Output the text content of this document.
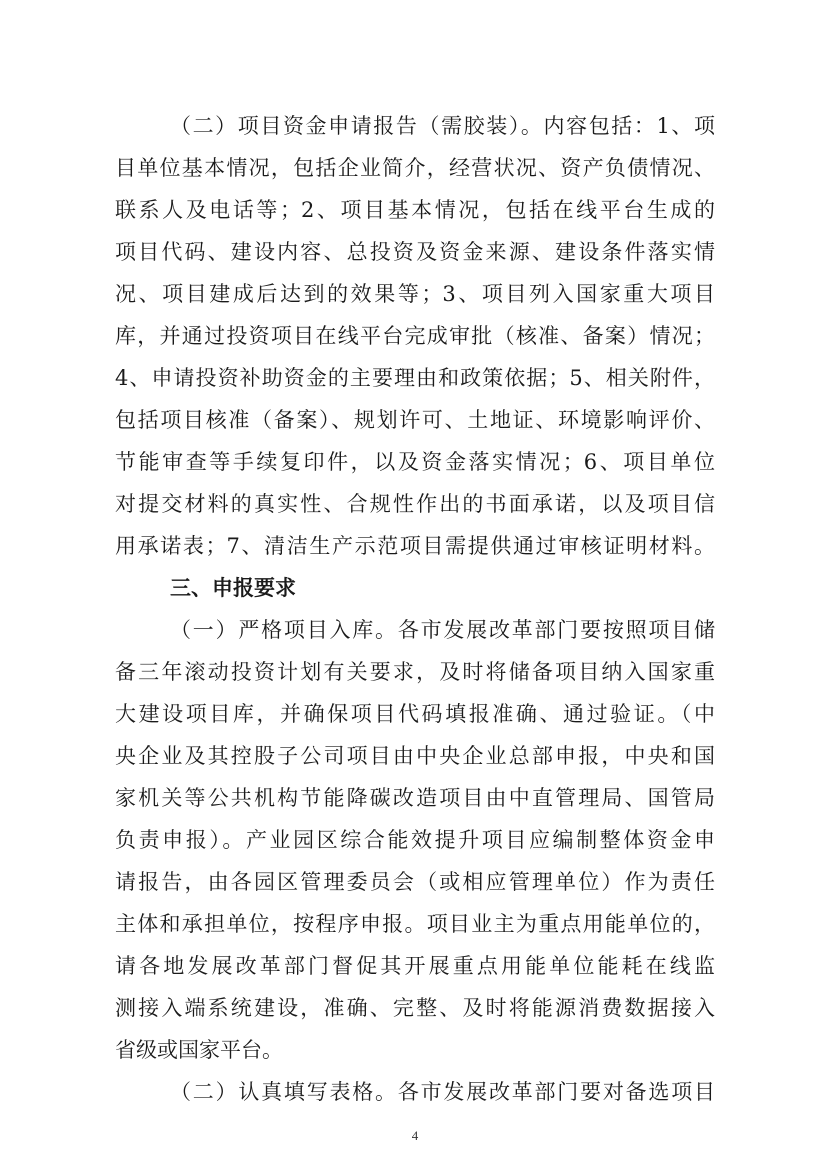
（二）项目资金申请报告（需胶装）。内容包括：1、项
目单位基本情况，包括企业简介，经营状况、资产负债情况、
联系人及电话等；2、项目基本情况，包括在线平台生成的
项目代码、建设内容、总投资及资金来源、建设条件落实情
况、项目建成后达到的效果等；3、项目列入国家重大项目
库，并通过投资项目在线平台完成审批（核准、备案）情况；
4、申请投资补助资金的主要理由和政策依据；5、相关附件，
包括项目核准（备案）、规划许可、土地证、环境影响评价、
节能审查等手续复印件，以及资金落实情况；6、项目单位
对提交材料的真实性、合规性作出的书面承诺，以及项目信
用承诺表；7、清洁生产示范项目需提供通过审核证明材料。
三、申报要求
（一）严格项目入库。各市发展改革部门要按照项目储
备三年滚动投资计划有关要求，及时将储备项目纳入国家重
大建设项目库，并确保项目代码填报准确、通过验证。（中
央企业及其控股子公司项目由中央企业总部申报，中央和国
家机关等公共机构节能降碳改造项目由中直管理局、国管局
负责申报）。产业园区综合能效提升项目应编制整体资金申
请报告，由各园区管理委员会（或相应管理单位）作为责任
主体和承担单位，按程序申报。项目业主为重点用能单位的，
请各地发展改革部门督促其开展重点用能单位能耗在线监
测接入端系统建设，准确、完整、及时将能源消费数据接入
省级或国家平台。
（二）认真填写表格。各市发展改革部门要对备选项目
4
